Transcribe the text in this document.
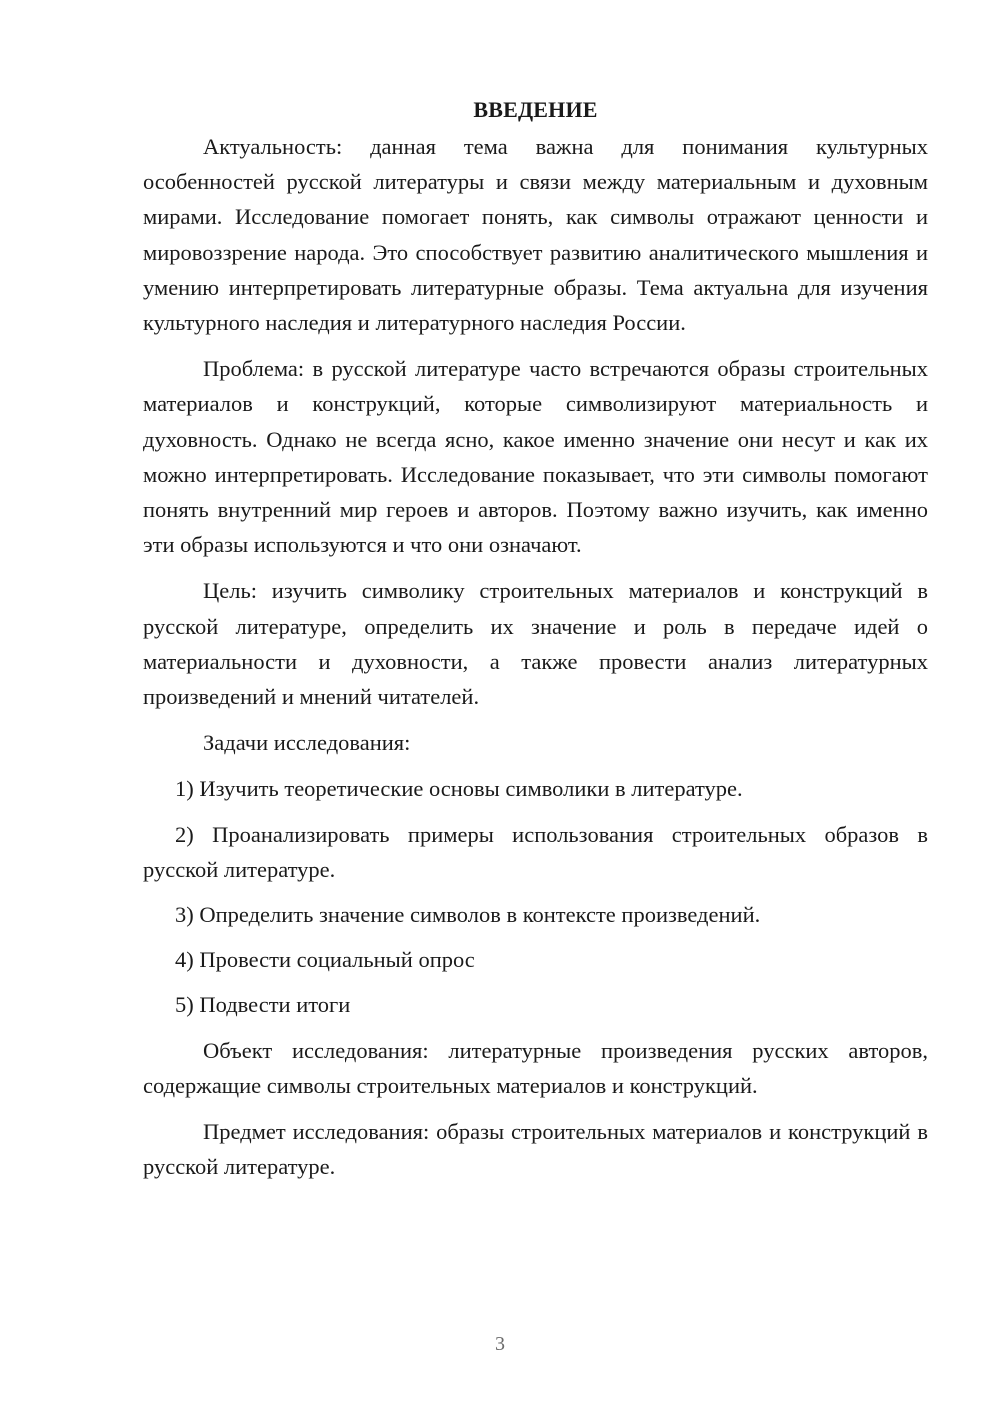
ВВЕДЕНИЕ

Актуальность: данная тема важна для понимания культурных особенностей русской литературы и связи между материальным и духовным мирами. Исследование помогает понять, как символы отражают ценности и мировоззрение народа. Это способствует развитию аналитического мышления и умению интерпретировать литературные образы. Тема актуальна для изучения культурного наследия и литературного наследия России.

Проблема: в русской литературе часто встречаются образы строительных материалов и конструкций, которые символизируют материальность и духовность. Однако не всегда ясно, какое именно значение они несут и как их можно интерпретировать. Исследование показывает, что эти символы помогают понять внутренний мир героев и авторов. Поэтому важно изучить, как именно эти образы используются и что они означают.

Цель: изучить символику строительных материалов и конструкций в русской литературе, определить их значение и роль в передаче идей о материальности и духовности, а также провести анализ литературных произведений и мнений читателей.

Задачи исследования:

1) Изучить теоретические основы символики в литературе.

2) Проанализировать примеры использования строительных образов в русской литературе.

3) Определить значение символов в контексте произведений.

4) Провести социальный опрос

5) Подвести итоги

Объект исследования: литературные произведения русских авторов, содержащие символы строительных материалов и конструкций.

Предмет исследования: образы строительных материалов и конструкций в русской литературе.

3
